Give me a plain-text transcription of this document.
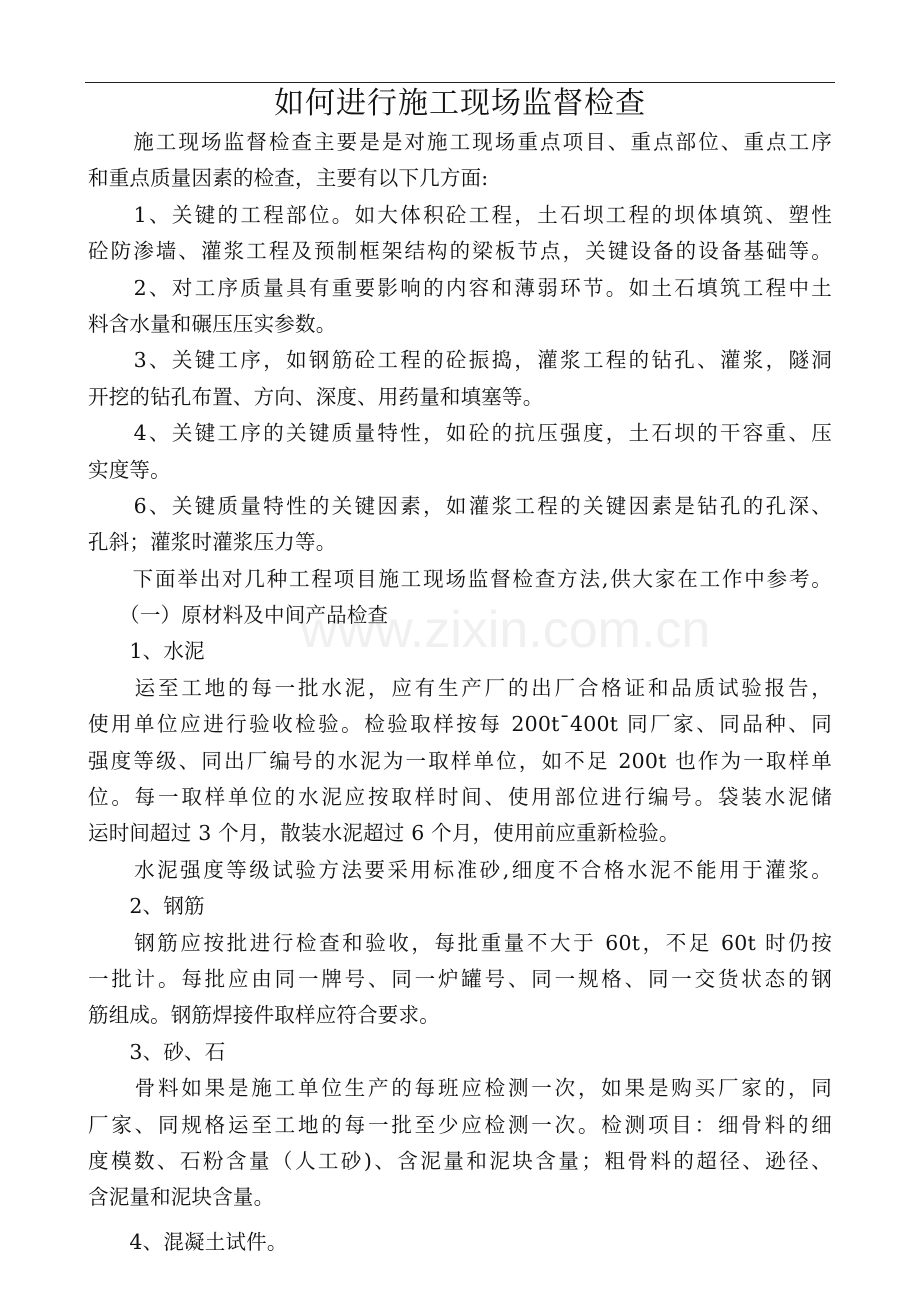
如何进行施工现场监督检查
www.zixin.com.cn
　　施工现场监督检查主要是是对施工现场重点项目、重点部位、重点工序
和重点质量因素的检查，主要有以下几方面:
　　1、关键的工程部位。如大体积砼工程，土石坝工程的坝体填筑、塑性
砼防渗墙、灌浆工程及预制框架结构的梁板节点，关键设备的设备基础等。
　　2、对工序质量具有重要影响的内容和薄弱环节。如土石填筑工程中土
料含水量和碾压压实参数。
　　3、关键工序，如钢筋砼工程的砼振捣，灌浆工程的钻孔、灌浆，隧洞
开挖的钻孔布置、方向、深度、用药量和填塞等。
　　4、关键工序的关键质量特性，如砼的抗压强度，土石坝的干容重、压
实度等。
　　6、关键质量特性的关键因素，如灌浆工程的关键因素是钻孔的孔深、
孔斜；灌浆时灌浆压力等。
　　下面举出对几种工程项目施工现场监督检查方法,供大家在工作中参考。
　　（一）原材料及中间产品检查
　　1、水泥
　　运至工地的每一批水泥，应有生产厂的出厂合格证和品质试验报告，
使用单位应进行验收检验。检验取样按每 200t¯400t 同厂家、同品种、同
强度等级、同出厂编号的水泥为一取样单位，如不足 200t 也作为一取样单
位。每一取样单位的水泥应按取样时间、使用部位进行编号。袋装水泥储
运时间超过 3 个月，散装水泥超过 6 个月，使用前应重新检验。
　　水泥强度等级试验方法要采用标准砂,细度不合格水泥不能用于灌浆。
　　2、钢筋
　　钢筋应按批进行检查和验收，每批重量不大于 60t，不足 60t 时仍按
一批计。每批应由同一牌号、同一炉罐号、同一规格、同一交货状态的钢
筋组成。钢筋焊接件取样应符合要求。
　　3、砂、石
　　骨料如果是施工单位生产的每班应检测一次，如果是购买厂家的，同
厂家、同规格运至工地的每一批至少应检测一次。检测项目：细骨料的细
度模数、石粉含量（人工砂)、含泥量和泥块含量；粗骨料的超径、逊径、
含泥量和泥块含量。
　　4、混凝土试件。
